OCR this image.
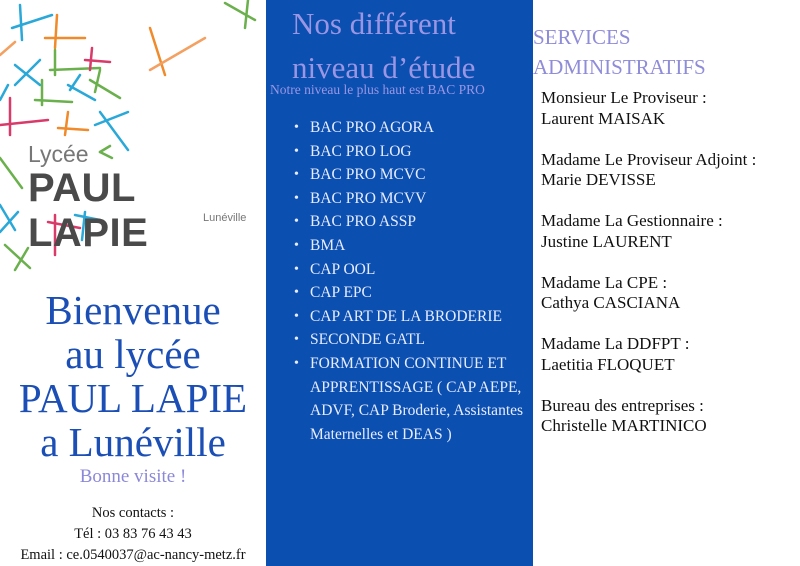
Lycée
PAUL LAPIE	Lunéville
Bienvenue
au lycée
PAUL LAPIE
a Lunéville
Bonne visite !
Nos contacts :
Tél : 03 83 76 43 43
Email : ce.0540037@ac-nancy-metz.fr
Nos différent
niveau d’étude
Notre niveau le plus haut est BAC PRO
• BAC PRO AGORA
• BAC PRO LOG
• BAC PRO MCVC
• BAC PRO MCVV
• BAC PRO ASSP
• BMA
• CAP OOL
• CAP EPC
• CAP ART DE LA BRODERIE
• SECONDE GATL
• FORMATION CONTINUE ET APPRENTISSAGE ( CAP AEPE, ADVF, CAP Broderie, Assistantes Maternelles et DEAS )
SERVICES
ADMINISTRATIFS
Monsieur Le Proviseur :
Laurent MAISAK
Madame Le Proviseur Adjoint :
Marie DEVISSE
Madame La Gestionnaire :
Justine LAURENT
Madame La CPE :
Cathya CASCIANA
Madame La DDFPT :
Laetitia FLOQUET
Bureau des entreprises :
Christelle MARTINICO
